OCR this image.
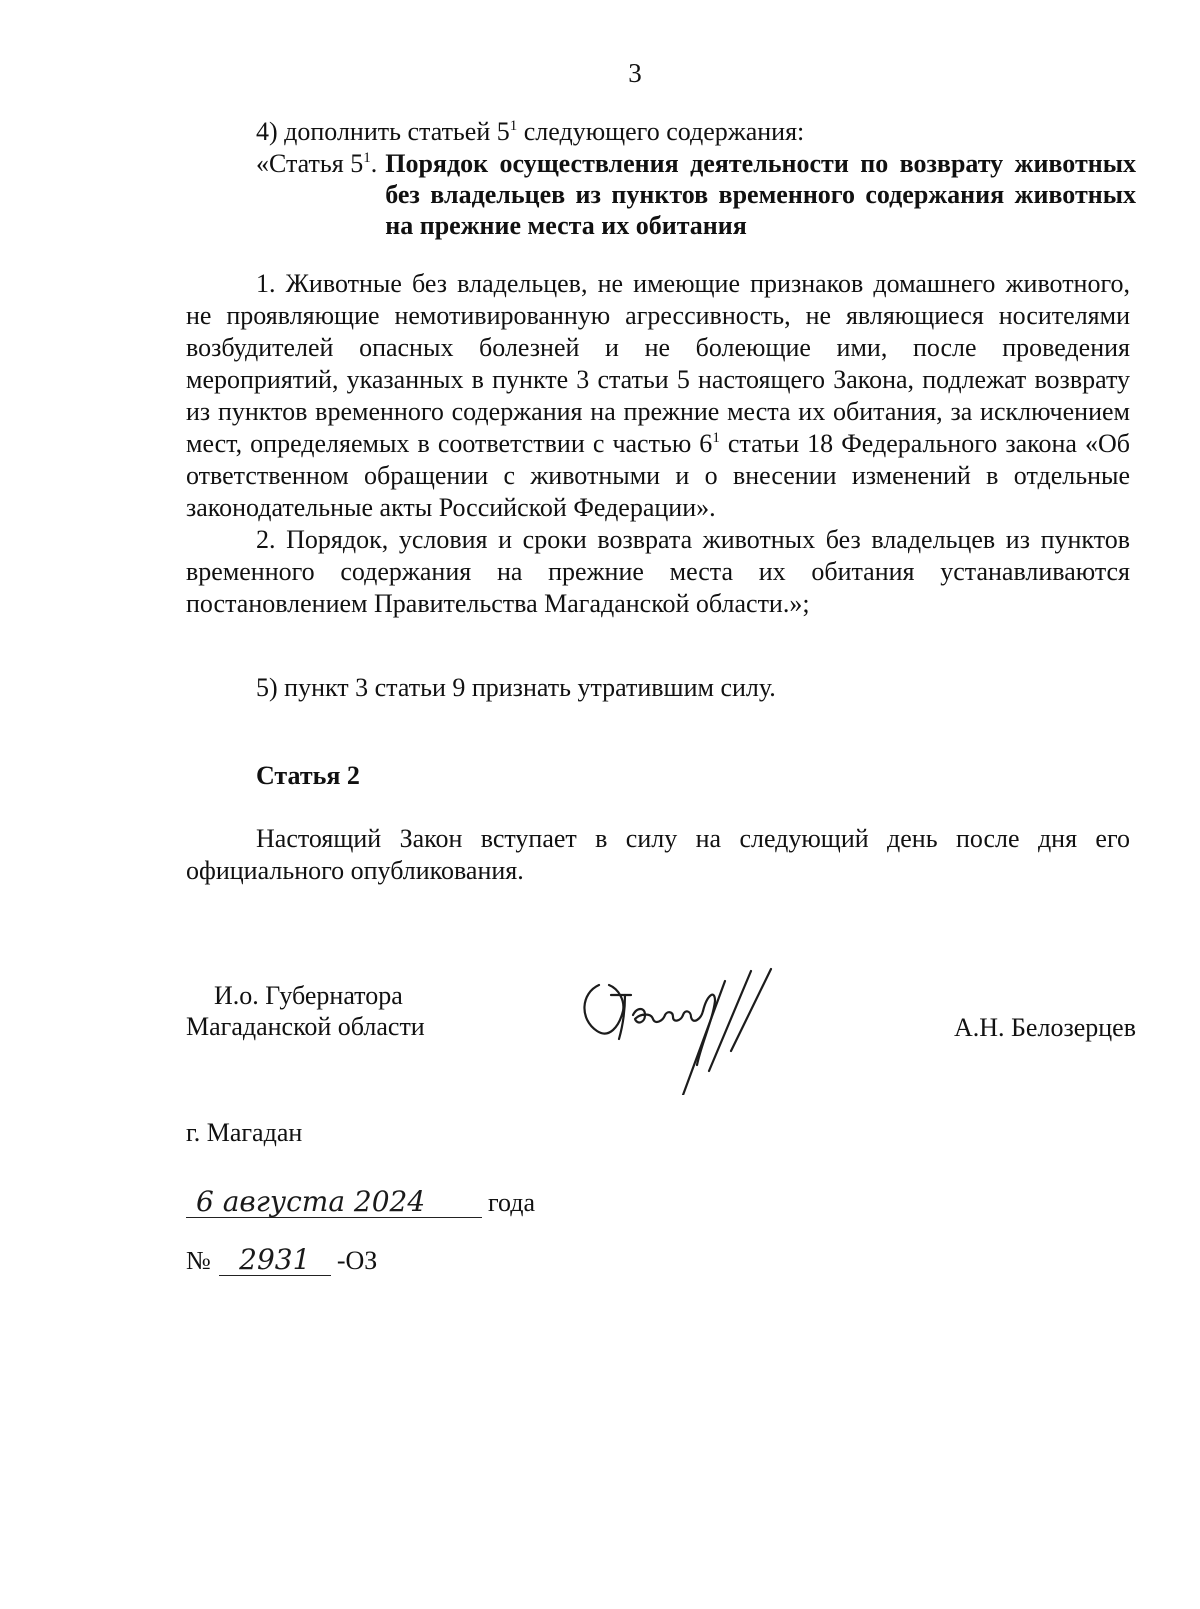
3

4) дополнить статьей $5^1$ следующего содержания:

«Статья $5^1$. Порядок осуществления деятельности по возврату животных без владельцев из пунктов временного содержания животных на прежние места их обитания

1. Животные без владельцев, не имеющие признаков домашнего животного, не проявляющие немотивированную агрессивность, не являющиеся носителями возбудителей опасных болезней и не болеющие ими, после проведения мероприятий, указанных в пункте 3 статьи 5 настоящего Закона, подлежат возврату из пунктов временного содержания на прежние места их обитания, за исключением мест, определяемых в соответствии с частью $6^1$ статьи 18 Федерального закона «Об ответственном обращении с животными и о внесении изменений в отдельные законодательные акты Российской Федерации».

2. Порядок, условия и сроки возврата животных без владельцев из пунктов временного содержания на прежние места их обитания устанавливаются постановлением Правительства Магаданской области.»;

5) пункт 3 статьи 9 признать утратившим силу.

Статья 2

Настоящий Закон вступает в силу на следующий день после дня его официального опубликования.

И.о. Губернатора
Магаданской области	А.Н. Белозерцев
г. Магадан
6 августа 2024	года
№	2931	-ОЗ
